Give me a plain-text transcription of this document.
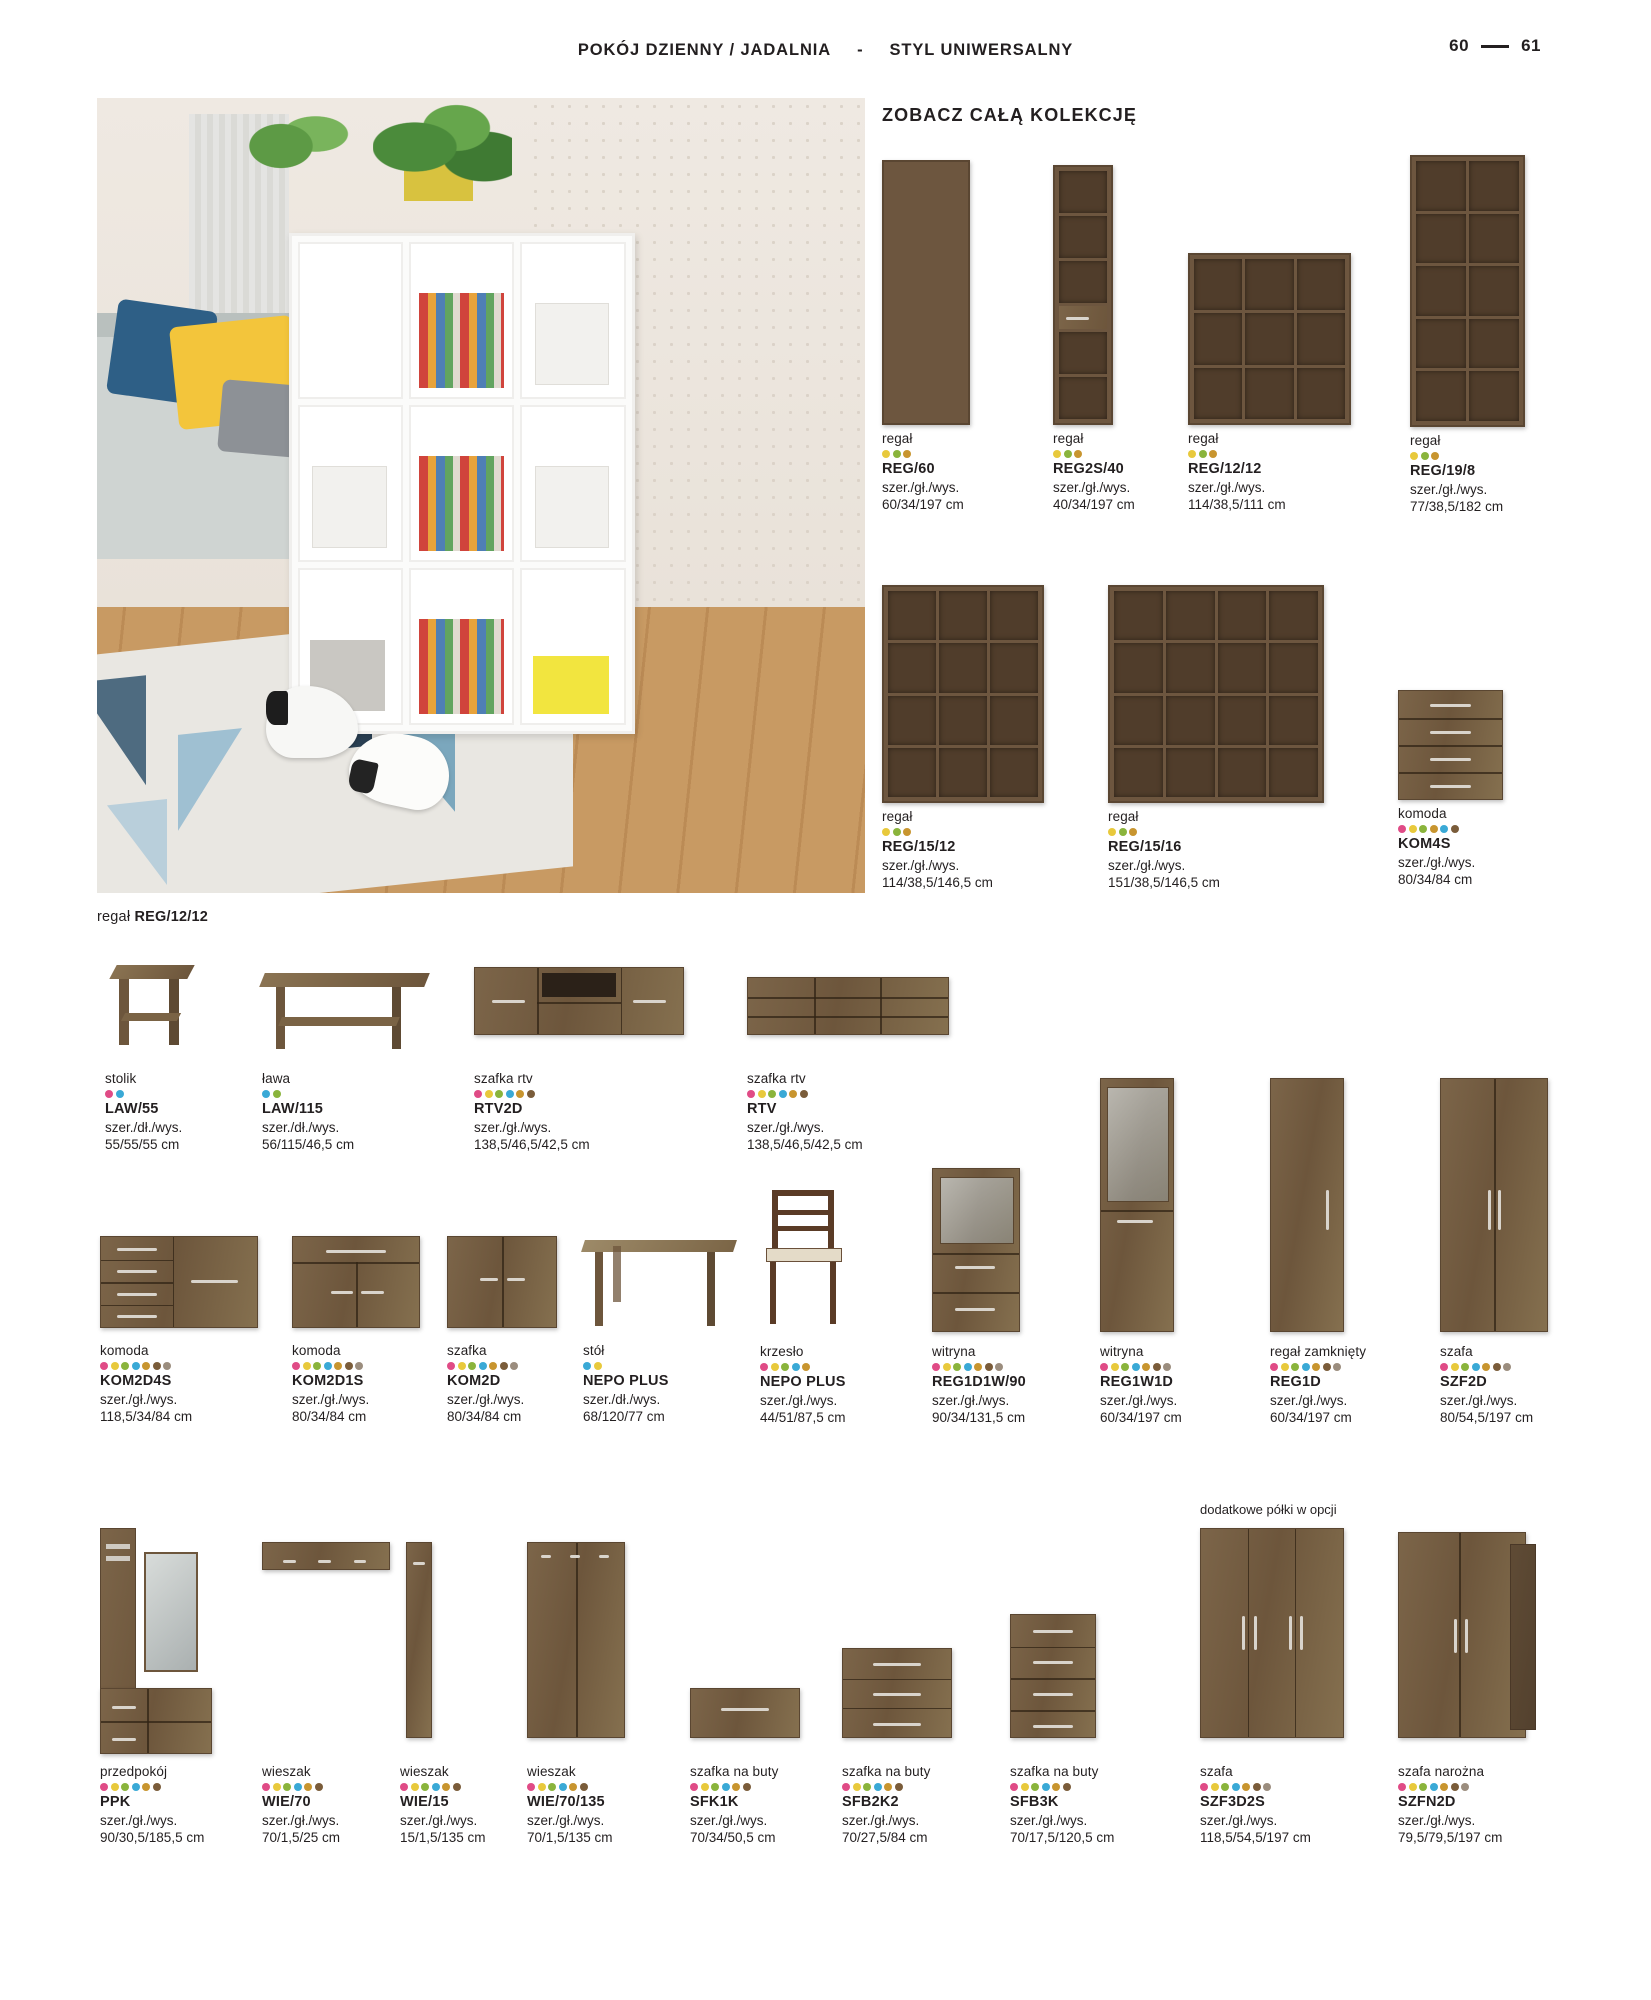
POKÓJ DZIENNY / JADALNIA - STYL UNIWERSALNY	60	61
regał REG/12/12
ZOBACZ CAŁĄ KOLEKCJĘ
regał
REG/60
szer./gł./wys.
60/34/197 cm
regał
REG2S/40
szer./gł./wys.
40/34/197 cm
regał
REG/12/12
szer./gł./wys.
114/38,5/111 cm
regał
REG/19/8
szer./gł./wys.
77/38,5/182 cm
regał
REG/15/12
szer./gł./wys.
114/38,5/146,5 cm
regał
REG/15/16
szer./gł./wys.
151/38,5/146,5 cm
komoda
KOM4S
szer./gł./wys.
80/34/84 cm
stolik
LAW/55
szer./dł./wys.
55/55/55 cm
ława
LAW/115
szer./dł./wys.
56/115/46,5 cm
szafka rtv
RTV2D
szer./gł./wys.
138,5/46,5/42,5 cm
szafka rtv
RTV
szer./gł./wys.
138,5/46,5/42,5 cm
komoda
KOM2D4S
szer./gł./wys.
118,5/34/84 cm
komoda
KOM2D1S
szer./gł./wys.
80/34/84 cm
szafka
KOM2D
szer./gł./wys.
80/34/84 cm
stół
NEPO PLUS
szer./dł./wys.
68/120/77 cm
krzesło
NEPO PLUS
szer./gł./wys.
44/51/87,5 cm
witryna
REG1D1W/90
szer./gł./wys.
90/34/131,5 cm
witryna
REG1W1D
szer./gł./wys.
60/34/197 cm
regał zamknięty
REG1D
szer./gł./wys.
60/34/197 cm
szafa
SZF2D
szer./gł./wys.
80/54,5/197 cm
dodatkowe półki w opcji
przedpokój
PPK
szer./gł./wys.
90/30,5/185,5 cm
wieszak
WIE/70
szer./gł./wys.
70/1,5/25 cm
wieszak
WIE/15
szer./gł./wys.
15/1,5/135 cm
wieszak
WIE/70/135
szer./gł./wys.
70/1,5/135 cm
szafka na buty
SFK1K
szer./gł./wys.
70/34/50,5 cm
szafka na buty
SFB2K2
szer./gł./wys.
70/27,5/84 cm
szafka na buty
SFB3K
szer./gł./wys.
70/17,5/120,5 cm
szafa
SZF3D2S
szer./gł./wys.
118,5/54,5/197 cm
szafa narożna
SZFN2D
szer./gł./wys.
79,5/79,5/197 cm
